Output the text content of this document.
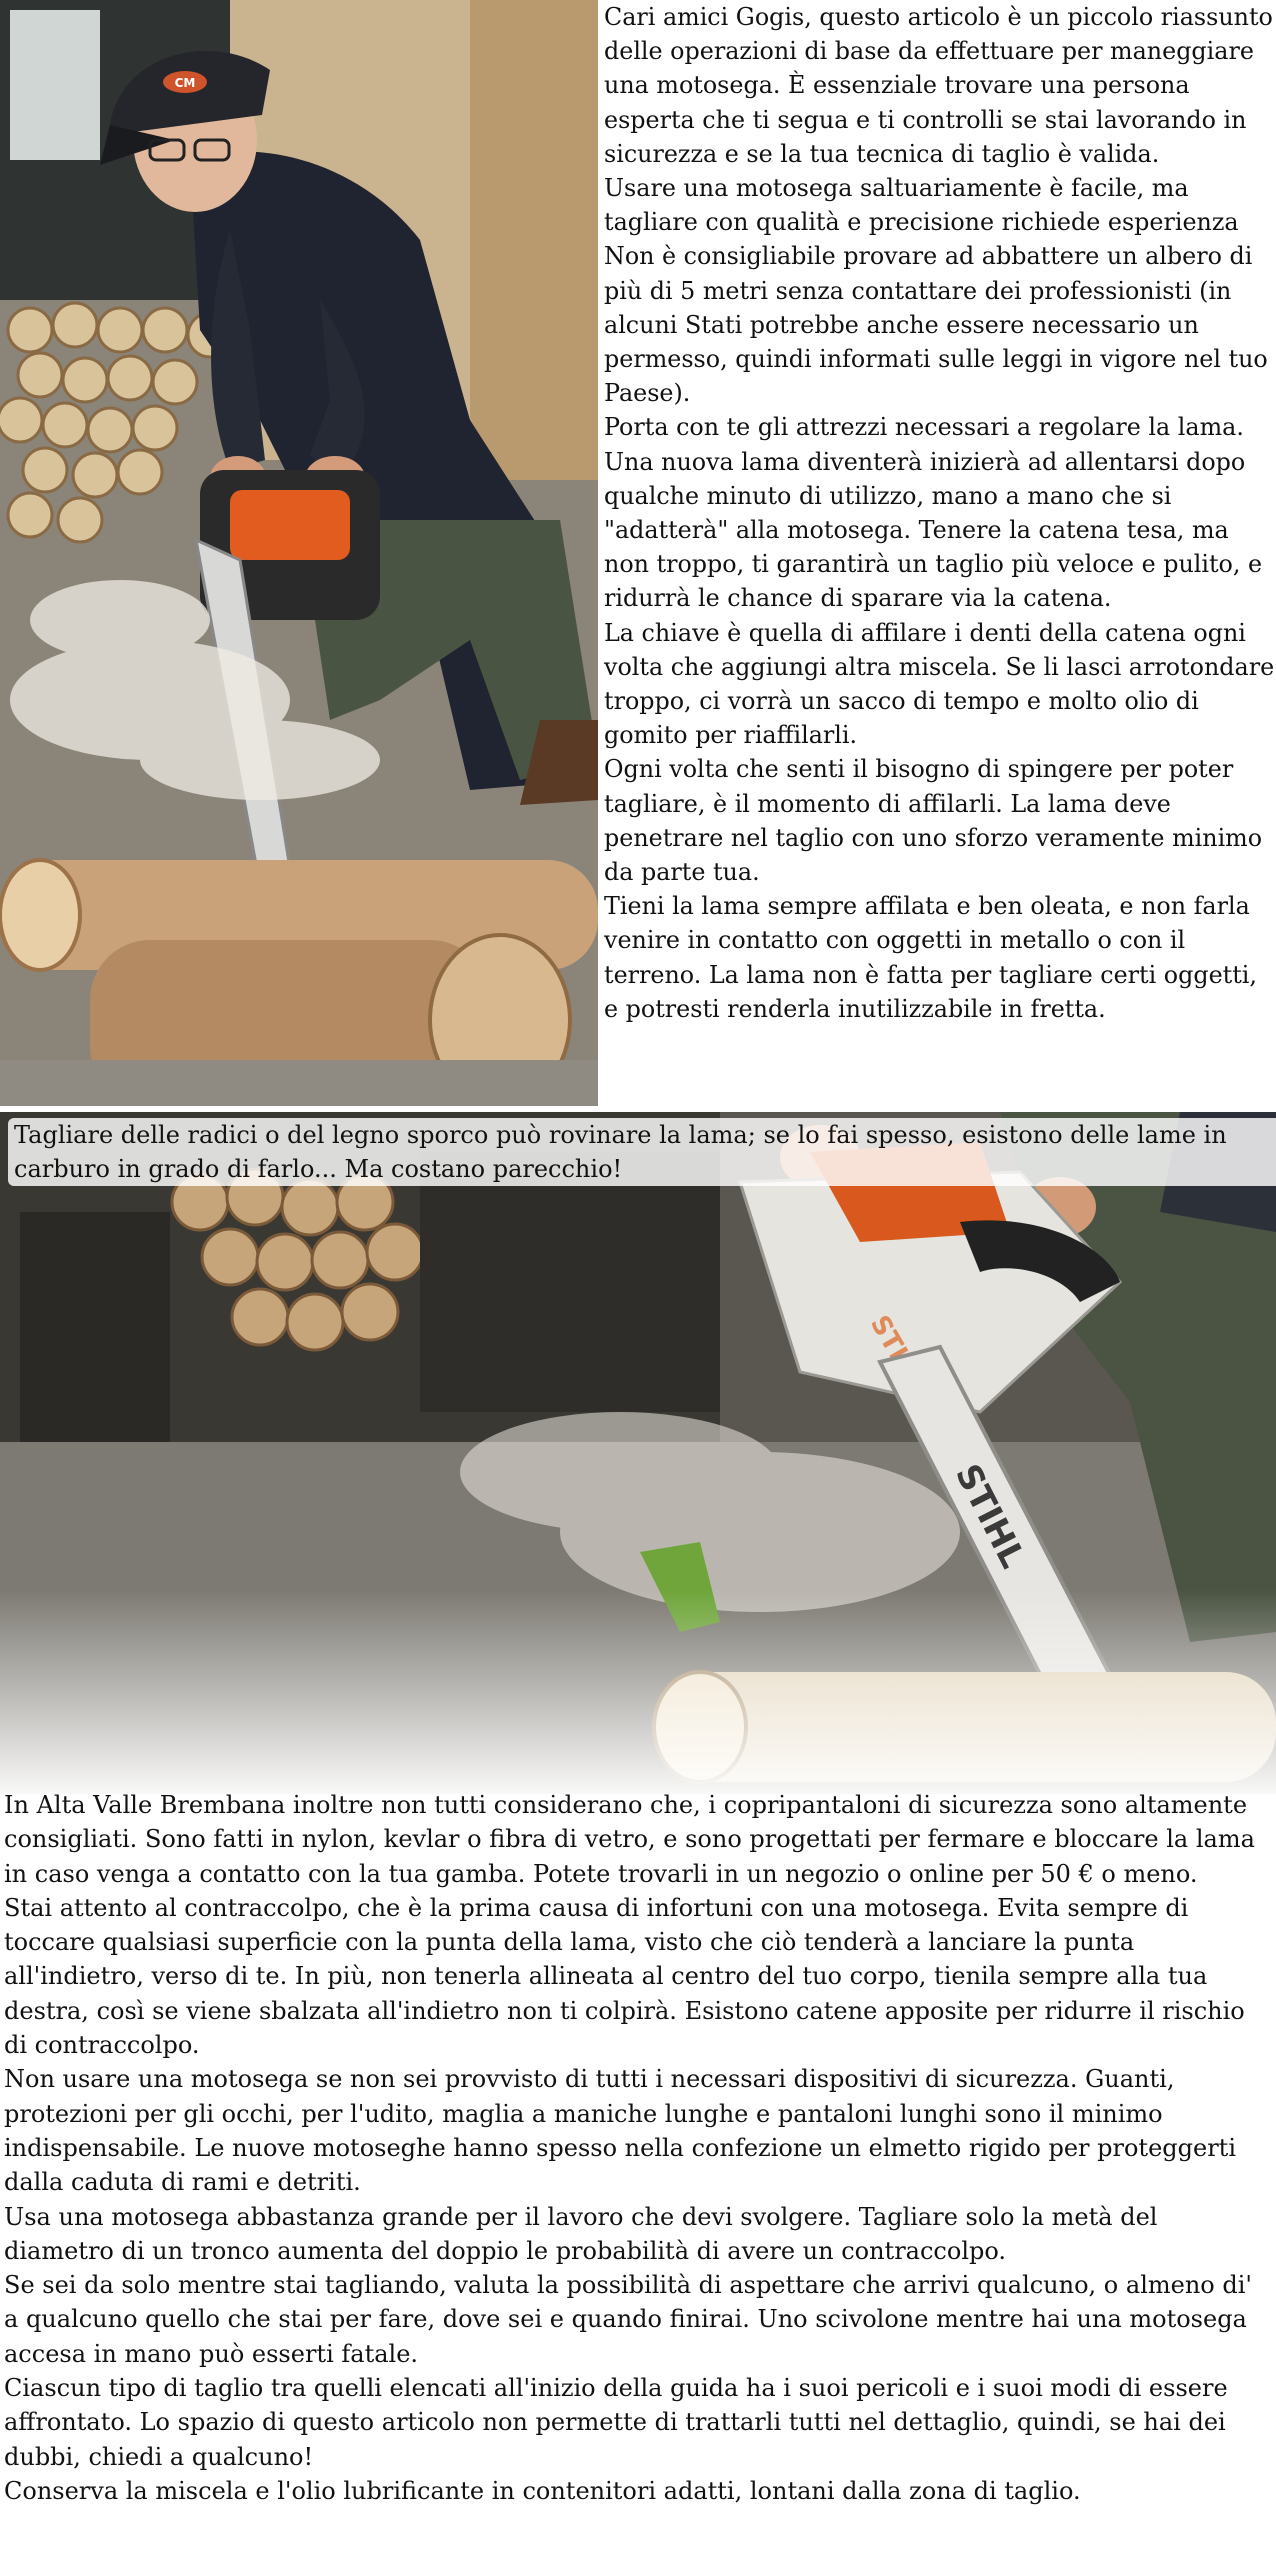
CM

Cari amici Gogis, questo articolo è un piccolo riassunto delle operazioni di base da effettuare per maneggiare una motosega. È essenziale trovare una persona esperta che ti segua e ti controlli se stai lavorando in sicurezza e se la tua tecnica di taglio è valida.

Usare una motosega saltuariamente è facile, ma tagliare con qualità e precisione richiede esperienza Non è consigliabile provare ad abbattere un albero di più di 5 metri senza contattare dei professionisti (in alcuni Stati potrebbe anche essere necessario un permesso, quindi informati sulle leggi in vigore nel tuo Paese).

Porta con te gli attrezzi necessari a regolare la lama. Una nuova lama diventerà inizierà ad allentarsi dopo qualche minuto di utilizzo, mano a mano che si "adatterà" alla motosega. Tenere la catena tesa, ma non troppo, ti garantirà un taglio più veloce e pulito, e ridurrà le chance di sparare via la catena.

La chiave è quella di affilare i denti della catena ogni volta che aggiungi altra miscela. Se li lasci arrotondare troppo, ci vorrà un sacco di tempo e molto olio di gomito per riaffilarli.

Ogni volta che senti il bisogno di spingere per poter tagliare, è il momento di affilarli. La lama deve penetrare nel taglio con uno sforzo veramente minimo da parte tua.

Tieni la lama sempre affilata e ben oleata, e non farla venire in contatto con oggetti in metallo o con il terreno. La lama non è fatta per tagliare certi oggetti, e potresti renderla inutilizzabile in fretta.

Tagliare delle radici o del legno sporco può rovinare la lama; se lo fai spesso, esistono delle lame in carburo in grado di farlo... Ma costano parecchio!

In Alta Valle Brembana inoltre non tutti considerano che, i copripantaloni di sicurezza sono altamente consigliati. Sono fatti in nylon, kevlar o fibra di vetro, e sono progettati per fermare e bloccare la lama in caso venga a contatto con la tua gamba. Potete trovarli in un negozio o online per 50 € o meno.

Stai attento al contraccolpo, che è la prima causa di infortuni con una motosega. Evita sempre di toccare qualsiasi superficie con la punta della lama, visto che ciò tenderà a lanciare la punta all'indietro, verso di te. In più, non tenerla allineata al centro del tuo corpo, tienila sempre alla tua destra, così se viene sbalzata all'indietro non ti colpirà. Esistono catene apposite per ridurre il rischio di contraccolpo.

Non usare una motosega se non sei provvisto di tutti i necessari dispositivi di sicurezza. Guanti, protezioni per gli occhi, per l'udito, maglia a maniche lunghe e pantaloni lunghi sono il minimo indispensabile. Le nuove motoseghe hanno spesso nella confezione un elmetto rigido per proteggerti dalla caduta di rami e detriti.

Usa una motosega abbastanza grande per il lavoro che devi svolgere. Tagliare solo la metà del diametro di un tronco aumenta del doppio le probabilità di avere un contraccolpo.

Se sei da solo mentre stai tagliando, valuta la possibilità di aspettare che arrivi qualcuno, o almeno di' a qualcuno quello che stai per fare, dove sei e quando finirai. Uno scivolone mentre hai una motosega accesa in mano può esserti fatale.

Ciascun tipo di taglio tra quelli elencati all'inizio della guida ha i suoi pericoli e i suoi modi di essere affrontato. Lo spazio di questo articolo non permette di trattarli tutti nel dettaglio, quindi, se hai dei dubbi, chiedi a qualcuno!

Conserva la miscela e l'olio lubrificante in contenitori adatti, lontani dalla zona di taglio.
